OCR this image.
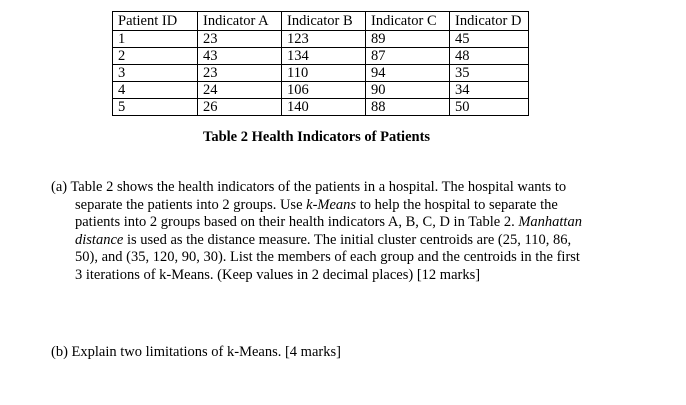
Patient ID	Indicator A	Indicator B	Indicator C	Indicator D
1	23	123	89	45
2	43	134	87	48
3	23	110	94	35
4	24	106	90	34
5	26	140	88	50
Table 2 Health Indicators of Patients
(a) Table 2 shows the health indicators of the patients in a hospital. The hospital wants to
separate the patients into 2 groups. Use k-Means to help the hospital to separate the
patients into 2 groups based on their health indicators A, B, C, D in Table 2. Manhattan
distance is used as the distance measure. The initial cluster centroids are (25, 110, 86,
50), and (35, 120, 90, 30). List the members of each group and the centroids in the first
3 iterations of k-Means. (Keep values in 2 decimal places) [12 marks]
(b) Explain two limitations of k-Means. [4 marks]
